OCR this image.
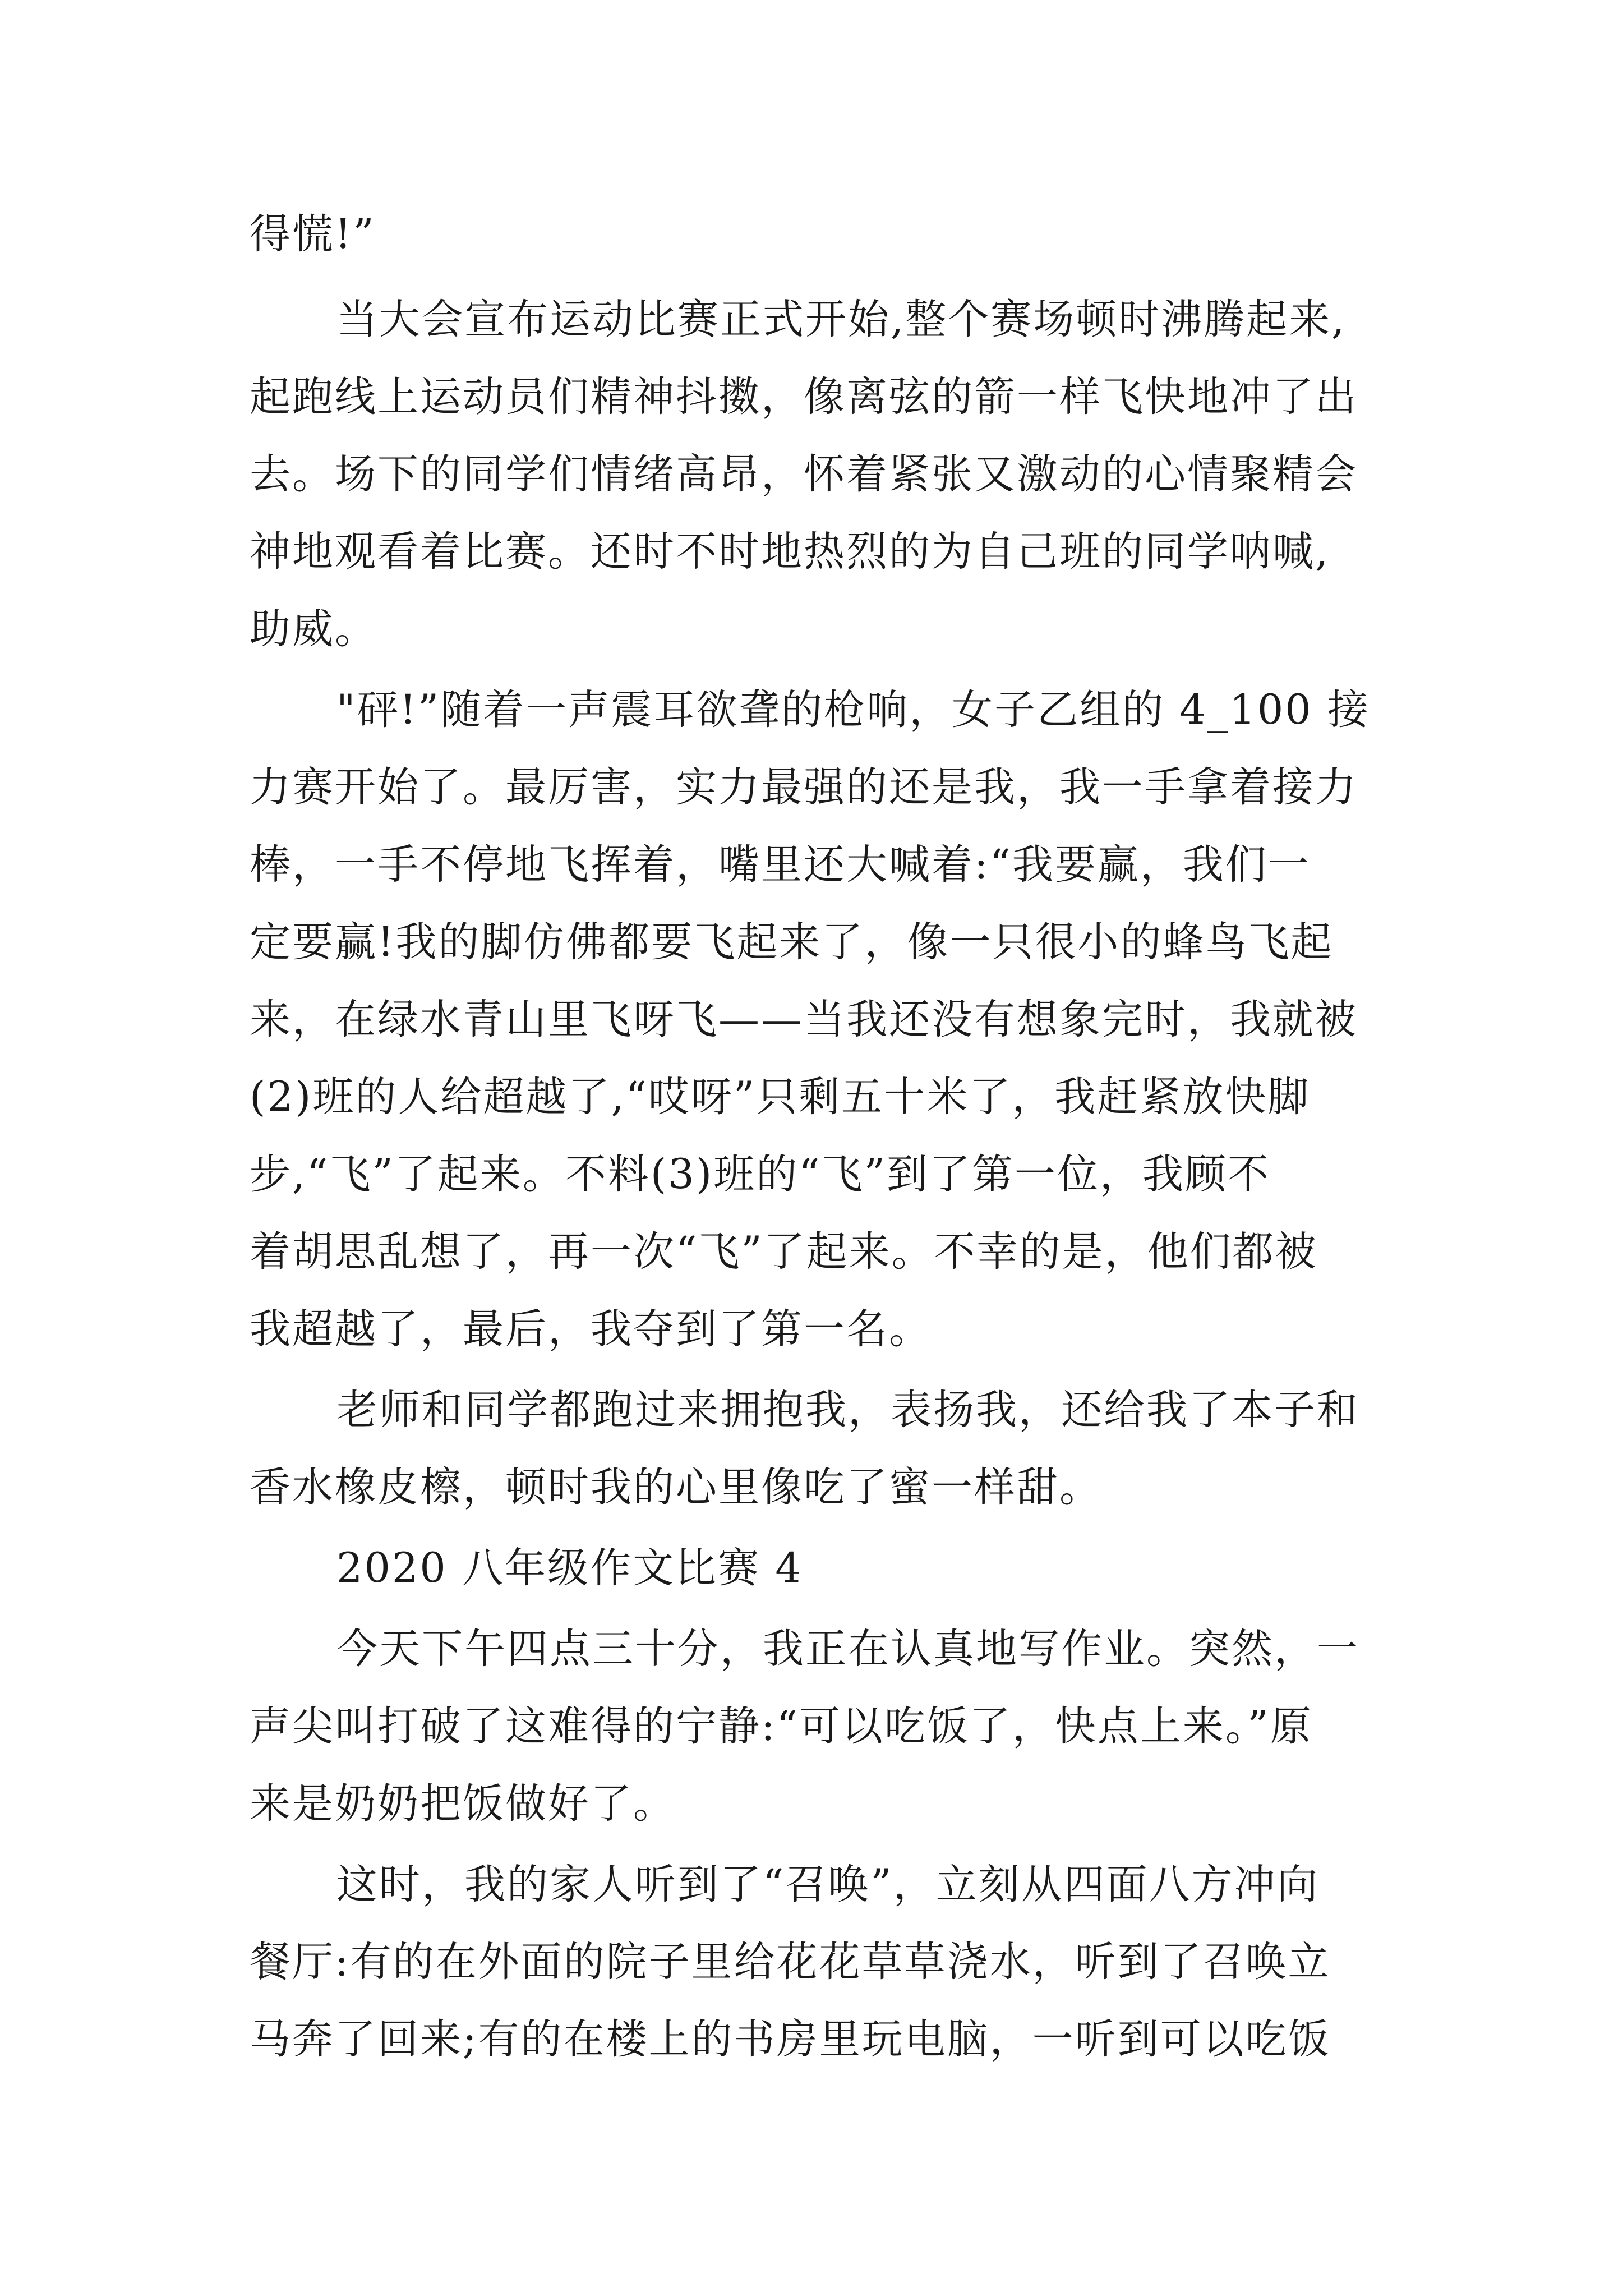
得慌!”
当大会宣布运动比赛正式开始,整个赛场顿时沸腾起来,
起跑线上运动员们精神抖擞，像离弦的箭一样飞快地冲了出
去。场下的同学们情绪高昂，怀着紧张又激动的心情聚精会
神地观看着比赛。还时不时地热烈的为自己班的同学呐喊,
助威。
"砰!”随着一声震耳欲聋的枪响，女子乙组的 4_100 接
力赛开始了。最厉害，实力最强的还是我，我一手拿着接力
棒，一手不停地飞挥着，嘴里还大喊着:“我要赢，我们一
定要赢!我的脚仿佛都要飞起来了，像一只很小的蜂鸟飞起
来，在绿水青山里飞呀飞——当我还没有想象完时，我就被
(2)班的人给超越了,“哎呀”只剩五十米了，我赶紧放快脚
步,“飞”了起来。不料(3)班的“飞”到了第一位，我顾不
着胡思乱想了，再一次“飞”了起来。不幸的是，他们都被
我超越了，最后，我夺到了第一名。
老师和同学都跑过来拥抱我，表扬我，还给我了本子和
香水橡皮檫，顿时我的心里像吃了蜜一样甜。
2020 八年级作文比赛 4
今天下午四点三十分，我正在认真地写作业。突然，一
声尖叫打破了这难得的宁静:“可以吃饭了，快点上来。”原
来是奶奶把饭做好了。
这时，我的家人听到了“召唤”，立刻从四面八方冲向
餐厅:有的在外面的院子里给花花草草浇水，听到了召唤立
马奔了回来;有的在楼上的书房里玩电脑，一听到可以吃饭
